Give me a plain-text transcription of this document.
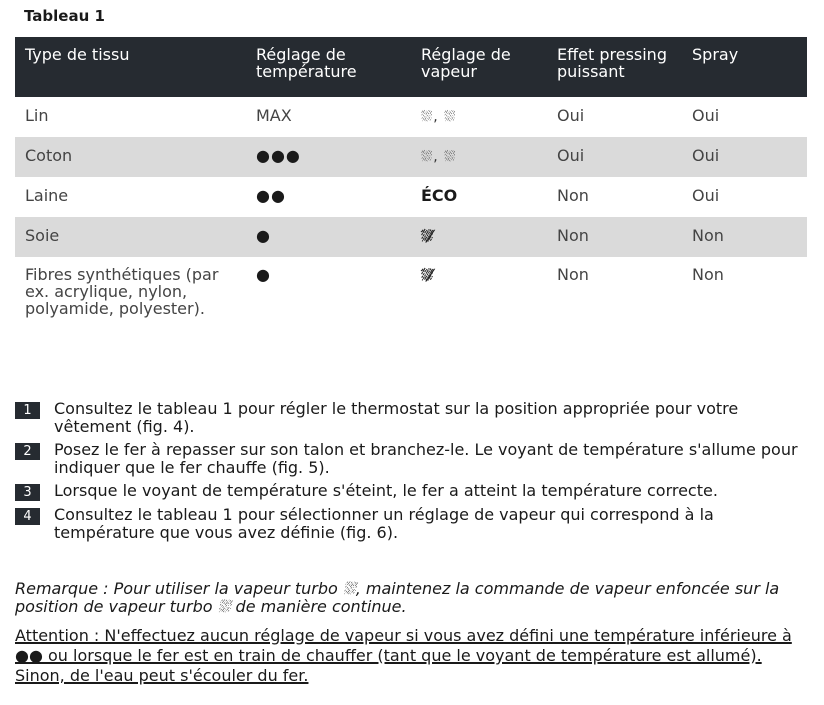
Tableau 1
Type de tissu	Réglage de température	Réglage de vapeur	Effet pressing puissant	Spray
Lin	MAX	⛆, ⛆	Oui	Oui
Coton	●●●	⛆, ⛆	Oui	Oui
Laine	●●	ÉCO	Non	Oui
Soie	●	⛆̸	Non	Non
Fibres synthétiques (par ex. acrylique, nylon, polyamide, polyester).	●	⛆̸	Non	Non
1	Consultez le tableau 1 pour régler le thermostat sur la position appropriée pour votre vêtement (fig. 4).
2	Posez le fer à repasser sur son talon et branchez-le. Le voyant de température s'allume pour indiquer que le fer chauffe (fig. 5).
3	Lorsque le voyant de température s'éteint, le fer a atteint la température correcte.
4	Consultez le tableau 1 pour sélectionner un réglage de vapeur qui correspond à la température que vous avez définie (fig. 6).
Remarque : Pour utiliser la vapeur turbo ⛆, maintenez la commande de vapeur enfoncée sur la position de vapeur turbo ⛆ de manière continue.
Attention : N'effectuez aucun réglage de vapeur si vous avez défini une température inférieure à ●● ou lorsque le fer est en train de chauffer (tant que le voyant de température est allumé). Sinon, de l'eau peut s'écouler du fer.
